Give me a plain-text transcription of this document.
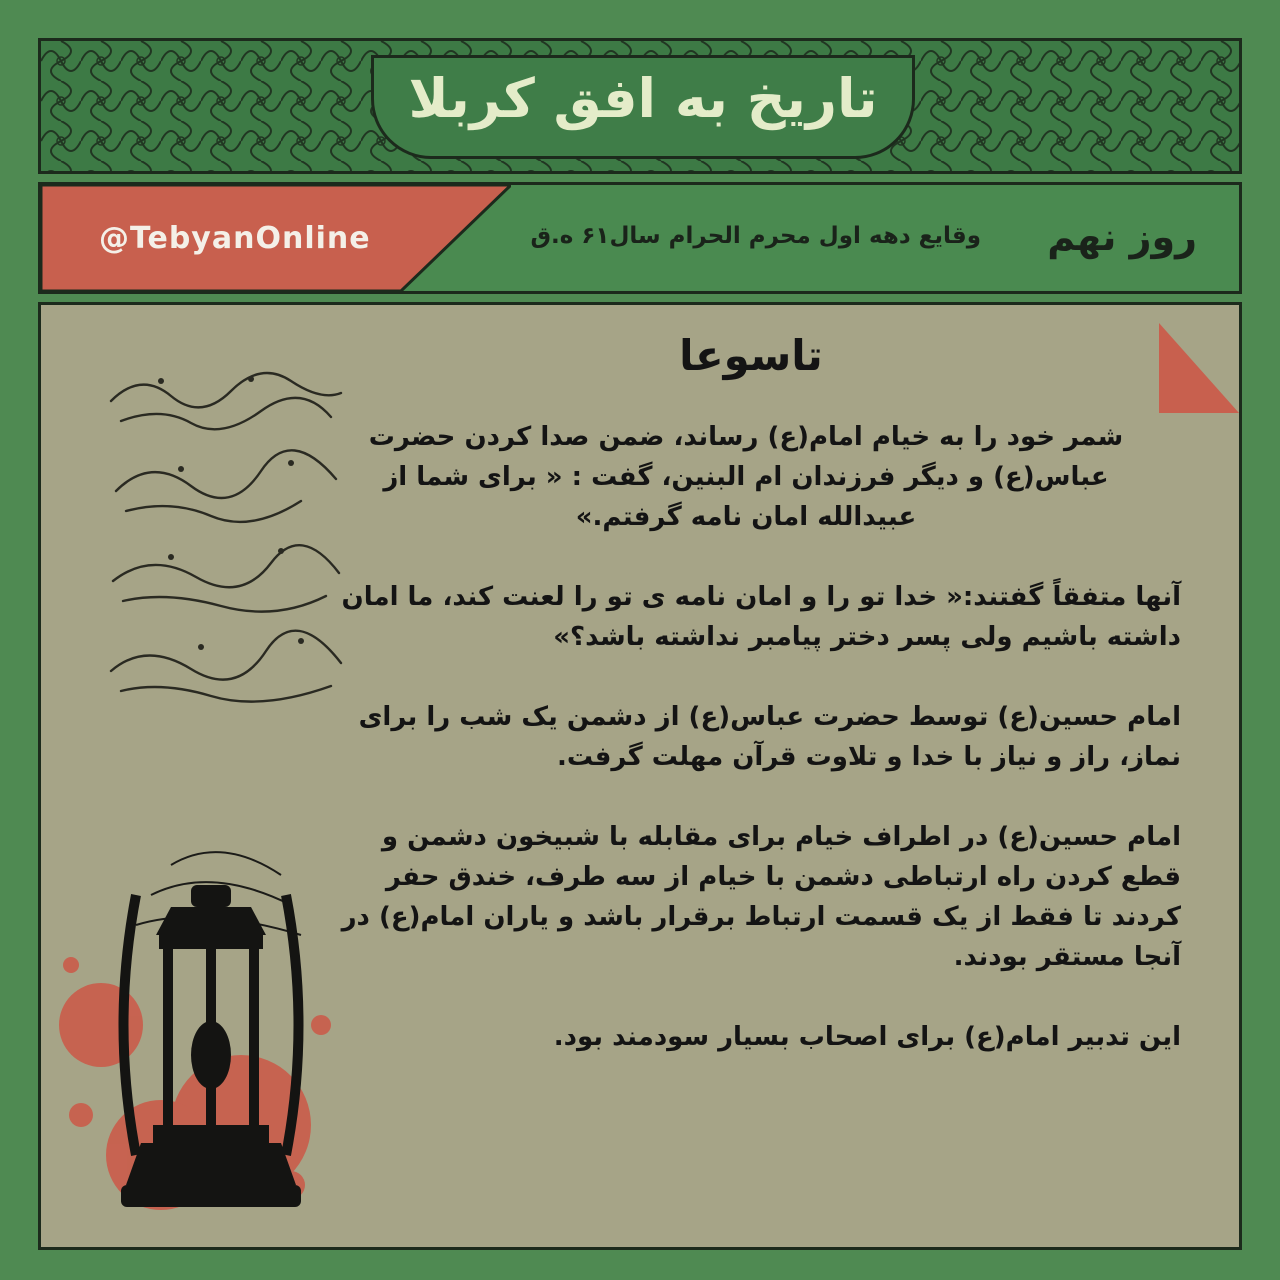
تاریخ به افق کربلا
@TebyanOnline	وقایع دهه اول محرم الحرام سال۶۱ ه.ق روز نهم
تاسوعا

شمر خود را به خیام امام(ع) رساند، ضمن صدا کردن حضرت عباس(ع) و دیگر فرزندان ام البنین، گفت : « برای شما از عبیدالله امان نامه گرفتم.»

آنها متفقاً گفتند:« خدا تو را و امان نامه ی تو را لعنت کند، ما امان داشته باشیم ولی پسر دختر پیامبر نداشته باشد؟»

امام حسین(ع) توسط حضرت عباس(ع) از دشمن یک شب را برای نماز، راز و نیاز با خدا و تلاوت قرآن مهلت گرفت.

امام حسین(ع) در اطراف خیام برای مقابله با شبیخون دشمن و قطع کردن راه ارتباطی دشمن با خیام از سه طرف، خندق حفر کردند تا فقط از یک قسمت ارتباط برقرار باشد و یاران امام(ع) در آنجا مستقر بودند.

این تدبیر امام(ع) برای اصحاب بسیار سودمند بود.
